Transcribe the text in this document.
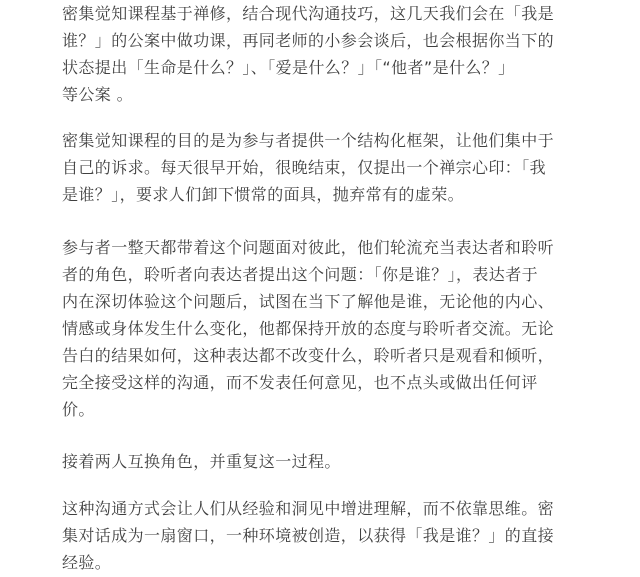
密集觉知课程基于禅修，结合现代沟通技巧，这几天我们会在「我是
谁？」的公案中做功课，再同老师的小参会谈后，也会根据你当下的
状态提出「生命是什么？」、「爱是什么？」「“他者”是什么？」
等公案 。

密集觉知课程的目的是为参与者提供一个结构化框架，让他们集中于
自己的诉求。每天很早开始，很晚结束，仅提出一个禅宗心印：「我
是谁？」，要求人们卸下惯常的面具，抛弃常有的虚荣。

参与者一整天都带着这个问题面对彼此，他们轮流充当表达者和聆听
者的角色，聆听者向表达者提出这个问题：「你是谁？」，表达者于
内在深切体验这个问题后，试图在当下了解他是谁，无论他的内心、
情感或身体发生什么变化，他都保持开放的态度与聆听者交流。无论
告白的结果如何，这种表达都不改变什么，聆听者只是观看和倾听，
完全接受这样的沟通，而不发表任何意见，也不点头或做出任何评
价。

接着两人互换角色，并重复这一过程。

这种沟通方式会让人们从经验和洞见中增进理解，而不依靠思维。密
集对话成为一扇窗口，一种环境被创造，以获得「我是谁？」的直接
经验。
